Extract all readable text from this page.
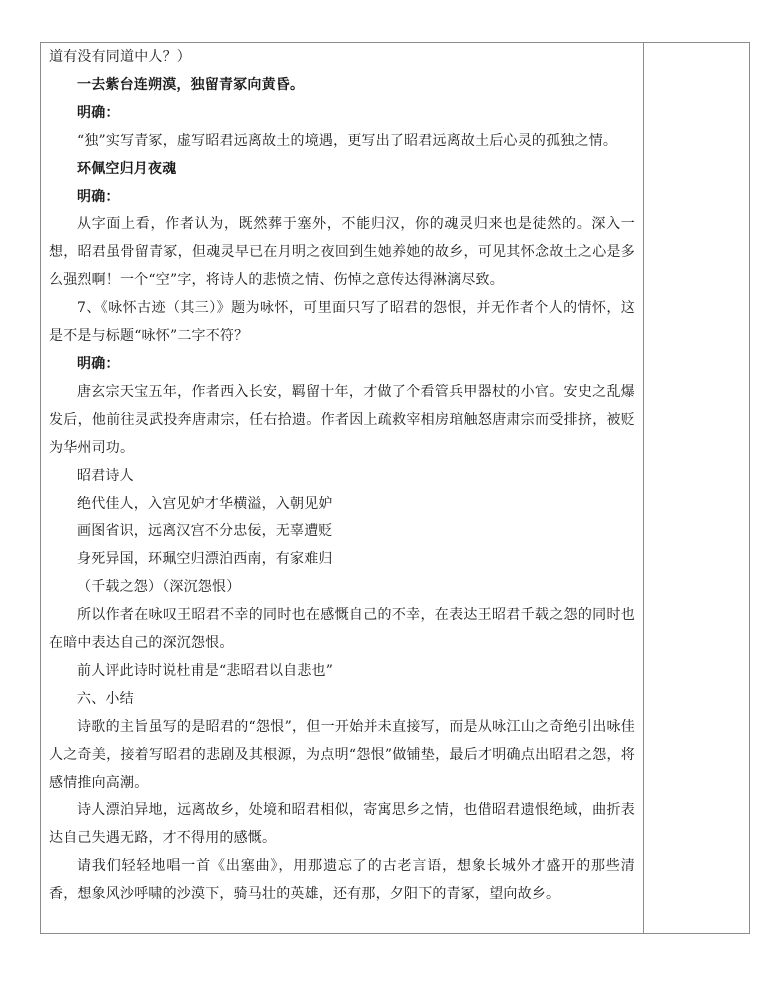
道有没有同道中人？）

一去紫台连朔漠，独留青冢向黄昏。

明确：

“独”实写青冢，虚写昭君远离故土的境遇，更写出了昭君远离故土后心灵的孤独之情。

环佩空归月夜魂

明确：

从字面上看，作者认为，既然葬于塞外，不能归汉，你的魂灵归来也是徒然的。深入一想，昭君虽骨留青冢，但魂灵早已在月明之夜回到生她养她的故乡，可见其怀念故土之心是多么强烈啊！一个“空”字，将诗人的悲愤之情、伤悼之意传达得淋漓尽致。

7、《咏怀古迹（其三）》题为咏怀，可里面只写了昭君的怨恨，并无作者个人的情怀，这是不是与标题“咏怀”二字不符？

明确：

唐玄宗天宝五年，作者西入长安，羁留十年，才做了个看管兵甲器杖的小官。安史之乱爆发后，他前往灵武投奔唐肃宗，任右拾遗。作者因上疏救宰相房琯触怒唐肃宗而受排挤，被贬为华州司功。

昭君诗人

绝代佳人，入宫见妒才华横溢，入朝见妒

画图省识，远离汉宫不分忠佞，无辜遭贬

身死异国，环珮空归漂泊西南，有家难归

（千载之怨）（深沉怨恨）

所以作者在咏叹王昭君不幸的同时也在感慨自己的不幸，在表达王昭君千载之怨的同时也在暗中表达自己的深沉怨恨。

前人评此诗时说杜甫是“悲昭君以自悲也”

六、小结

诗歌的主旨虽写的是昭君的“怨恨”，但一开始并未直接写，而是从咏江山之奇绝引出咏佳人之奇美，接着写昭君的悲剧及其根源，为点明“怨恨”做铺垫，最后才明确点出昭君之怨，将感情推向高潮。

诗人漂泊异地，远离故乡，处境和昭君相似，寄寓思乡之情，也借昭君遗恨绝域，曲折表达自己失遇无路，才不得用的感慨。

请我们轻轻地唱一首《出塞曲》，用那遗忘了的古老言语，想象长城外才盛开的那些清香，想象风沙呼啸的沙漠下，骑马壮的英雄，还有那，夕阳下的青冢，望向故乡。
